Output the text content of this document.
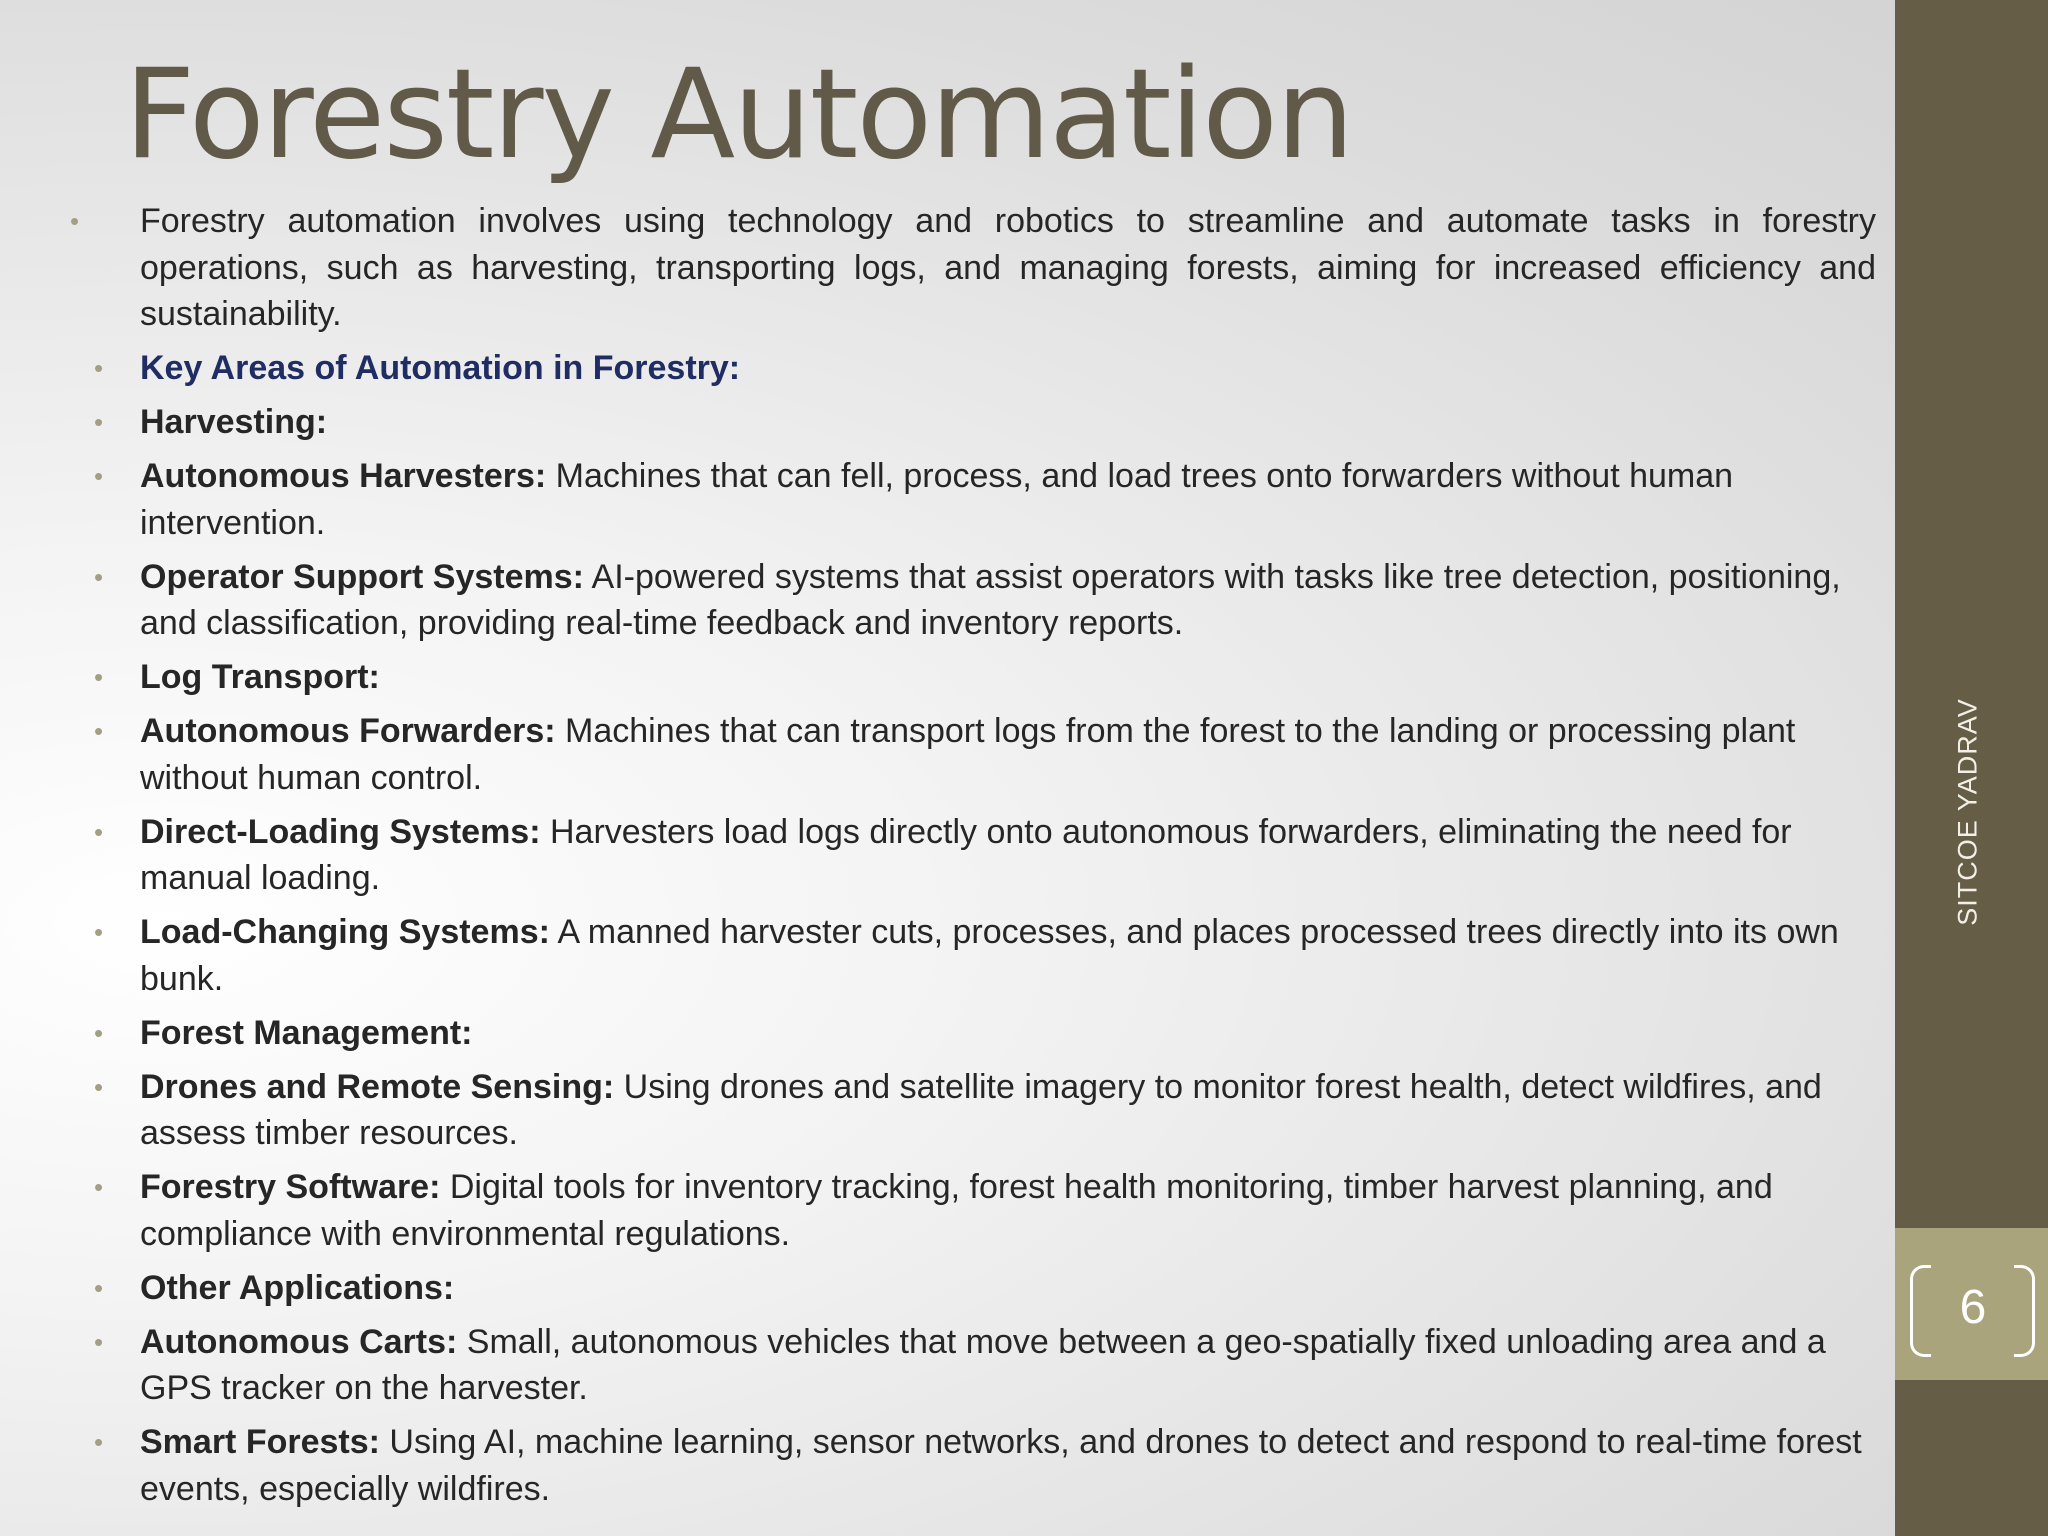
Forestry Automation
• Forestry automation involves using technology and robotics to streamline and automate tasks in forestry operations, such as harvesting, transporting logs, and managing forests, aiming for increased efficiency and sustainability.
• Key Areas of Automation in Forestry:
• Harvesting:
• Autonomous Harvesters: Machines that can fell, process, and load trees onto forwarders without human intervention.
• Operator Support Systems: AI-powered systems that assist operators with tasks like tree detection, positioning, and classification, providing real-time feedback and inventory reports.
• Log Transport:
• Autonomous Forwarders: Machines that can transport logs from the forest to the landing or processing plant without human control.
• Direct-Loading Systems: Harvesters load logs directly onto autonomous forwarders, eliminating the need for manual loading.
• Load-Changing Systems: A manned harvester cuts, processes, and places processed trees directly into its own bunk.
• Forest Management:
• Drones and Remote Sensing: Using drones and satellite imagery to monitor forest health, detect wildfires, and assess timber resources.
• Forestry Software: Digital tools for inventory tracking, forest health monitoring, timber harvest planning, and compliance with environmental regulations.
• Other Applications:
• Autonomous Carts: Small, autonomous vehicles that move between a geo-spatially fixed unloading area and a GPS tracker on the harvester.
• Smart Forests: Using AI, machine learning, sensor networks, and drones to detect and respond to real-time forest events, especially wildfires.
SITCOE YADRAV
6
